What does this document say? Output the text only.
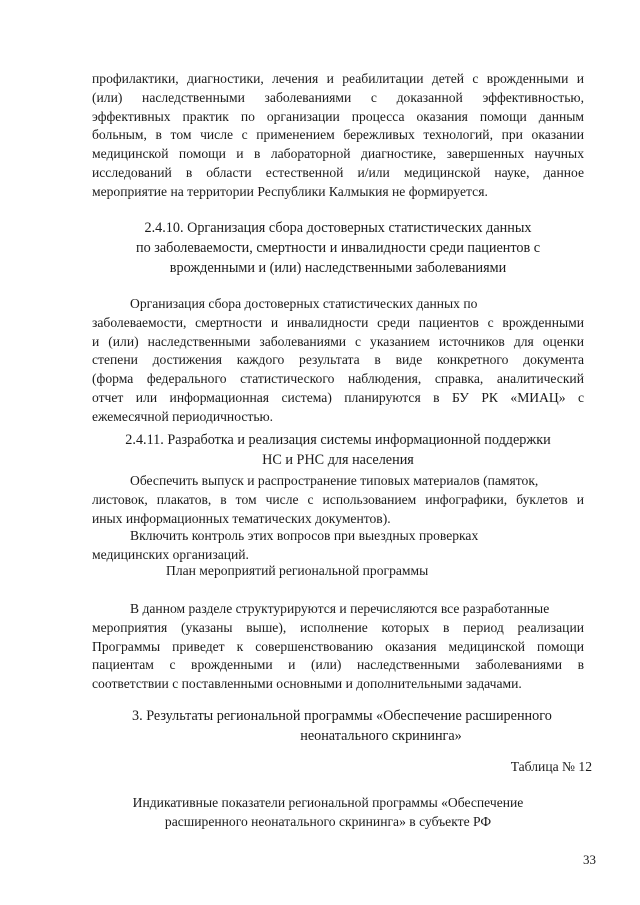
профилактики, диагностики, лечения и реабилитации детей с врожденными и
(или) наследственными заболеваниями с доказанной эффективностью,
эффективных практик по организации процесса оказания помощи данным
больным, в том числе с применением бережливых технологий, при оказании
медицинской помощи и в лабораторной диагностике, завершенных научных
исследований в области естественной и/или медицинской науке, данное
мероприятие на территории Республики Калмыкия не формируется.
2.4.10. Организация сбора достоверных статистических данных
по заболеваемости, смертности и инвалидности среди пациентов с
врожденными и (или) наследственными заболеваниями
Организация сбора достоверных статистических данных по
заболеваемости, смертности и инвалидности среди пациентов с врожденными
и (или) наследственными заболеваниями с указанием источников для оценки
степени достижения каждого результата в виде конкретного документа
(форма федерального статистического наблюдения, справка, аналитический
отчет или информационная система) планируются в БУ РК «МИАЦ» с
ежемесячной периодичностью.
2.4.11. Разработка и реализация системы информационной поддержки
НС и РНС для населения
Обеспечить выпуск и распространение типовых материалов (памяток,
листовок, плакатов, в том числе с использованием инфографики, буклетов и
иных информационных тематических документов).
Включить контроль этих вопросов при выездных проверках
медицинских организаций.
План мероприятий региональной программы
В данном разделе структурируются и перечисляются все разработанные
мероприятия (указаны выше), исполнение которых в период реализации
Программы приведет к совершенствованию оказания медицинской помощи
пациентам с врожденными и (или) наследственными заболеваниями в
соответствии с поставленными основными и дополнительными задачами.
3. Результаты региональной программы «Обеспечение расширенного
неонатального скрининга»
Таблица № 12
Индикативные показатели региональной программы «Обеспечение
расширенного неонатального скрининга» в субъекте РФ
33
